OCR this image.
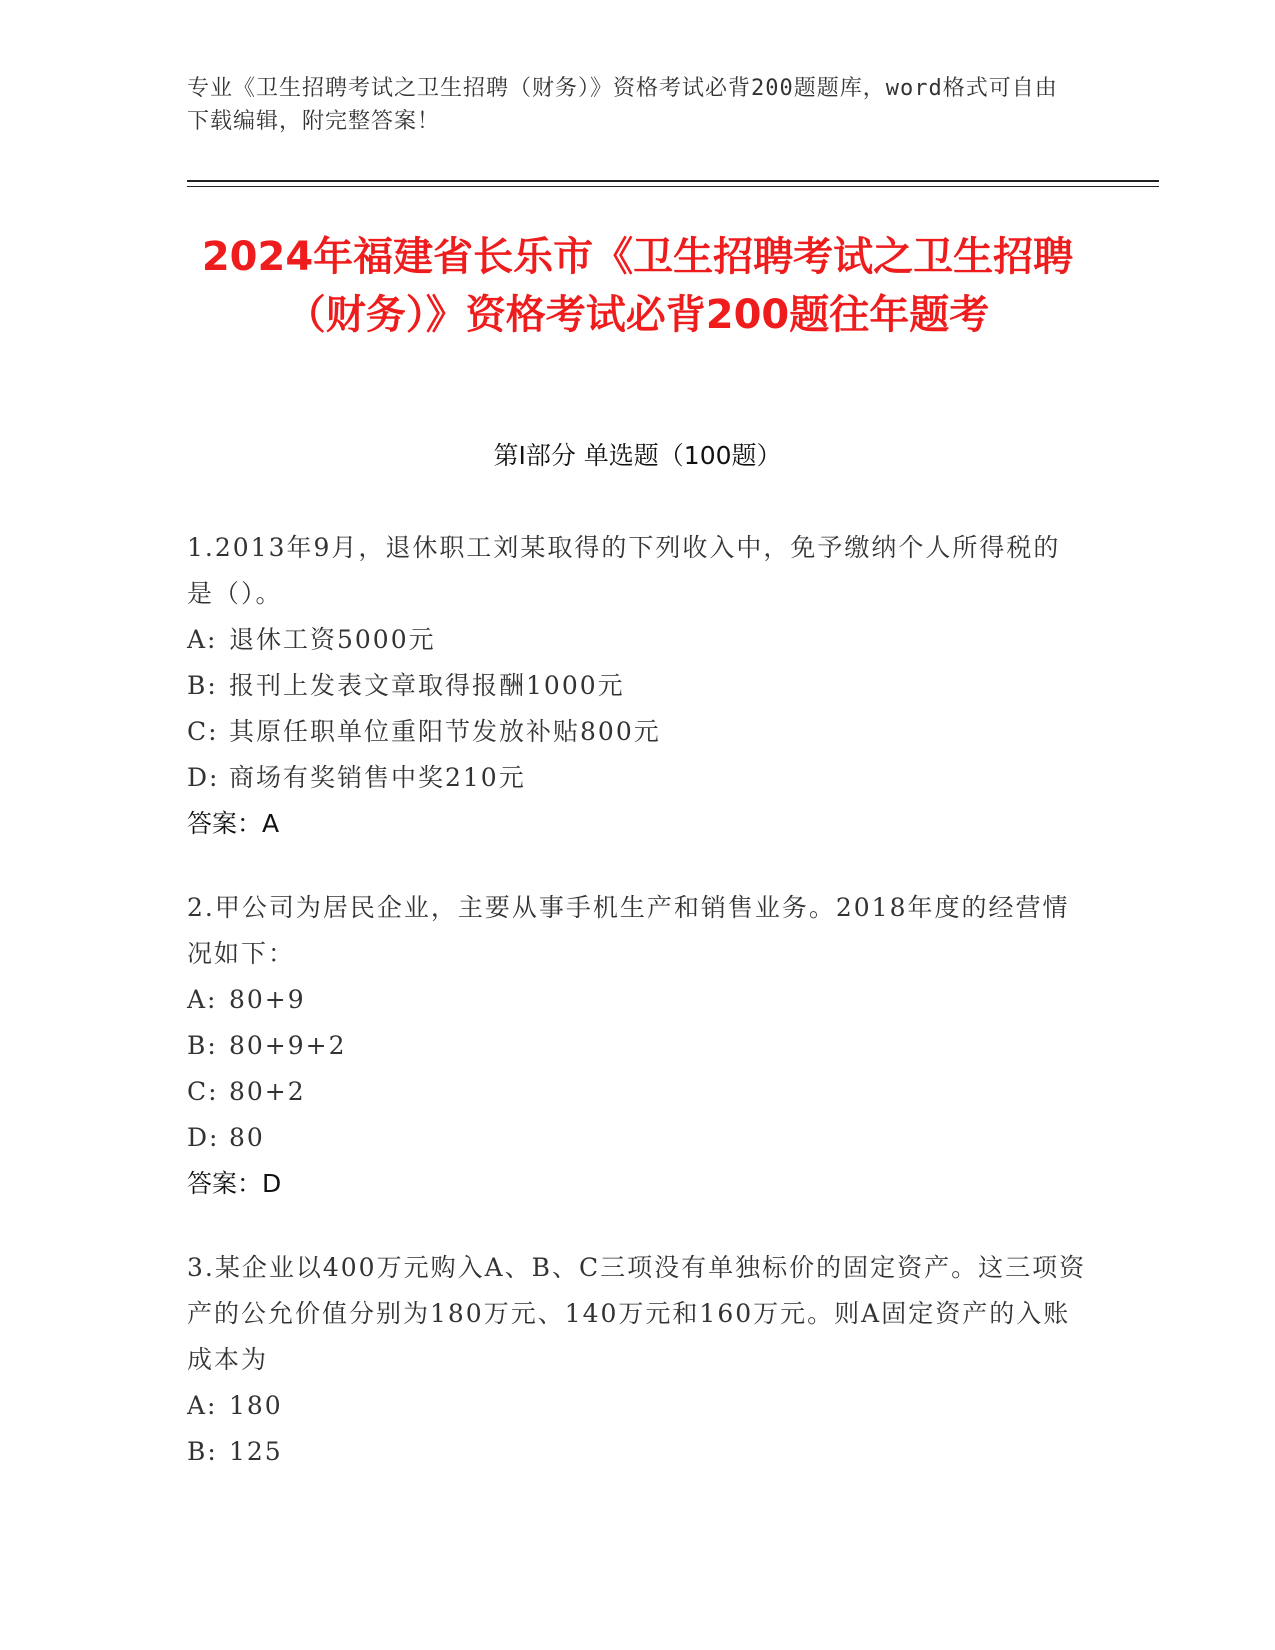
专业《卫生招聘考试之卫生招聘（财务）》资格考试必背200题题库，word格式可自由下载编辑，附完整答案！
2024年福建省长乐市《卫生招聘考试之卫生招聘（财务）》资格考试必背200题往年题考
第I部分 单选题（100题）
1.2013年9月，退休职工刘某取得的下列收入中，免予缴纳个人所得税的是（）。
A: 退休工资5000元
B: 报刊上发表文章取得报酬1000元
C: 其原任职单位重阳节发放补贴800元
D: 商场有奖销售中奖210元
答案：A
2.甲公司为居民企业，主要从事手机生产和销售业务。2018年度的经营情况如下：
A: 80+9
B: 80+9+2
C: 80+2
D: 80
答案：D
3.某企业以400万元购入A、B、C三项没有单独标价的固定资产。这三项资产的公允价值分别为180万元、140万元和160万元。则A固定资产的入账成本为
A: 180
B: 125
